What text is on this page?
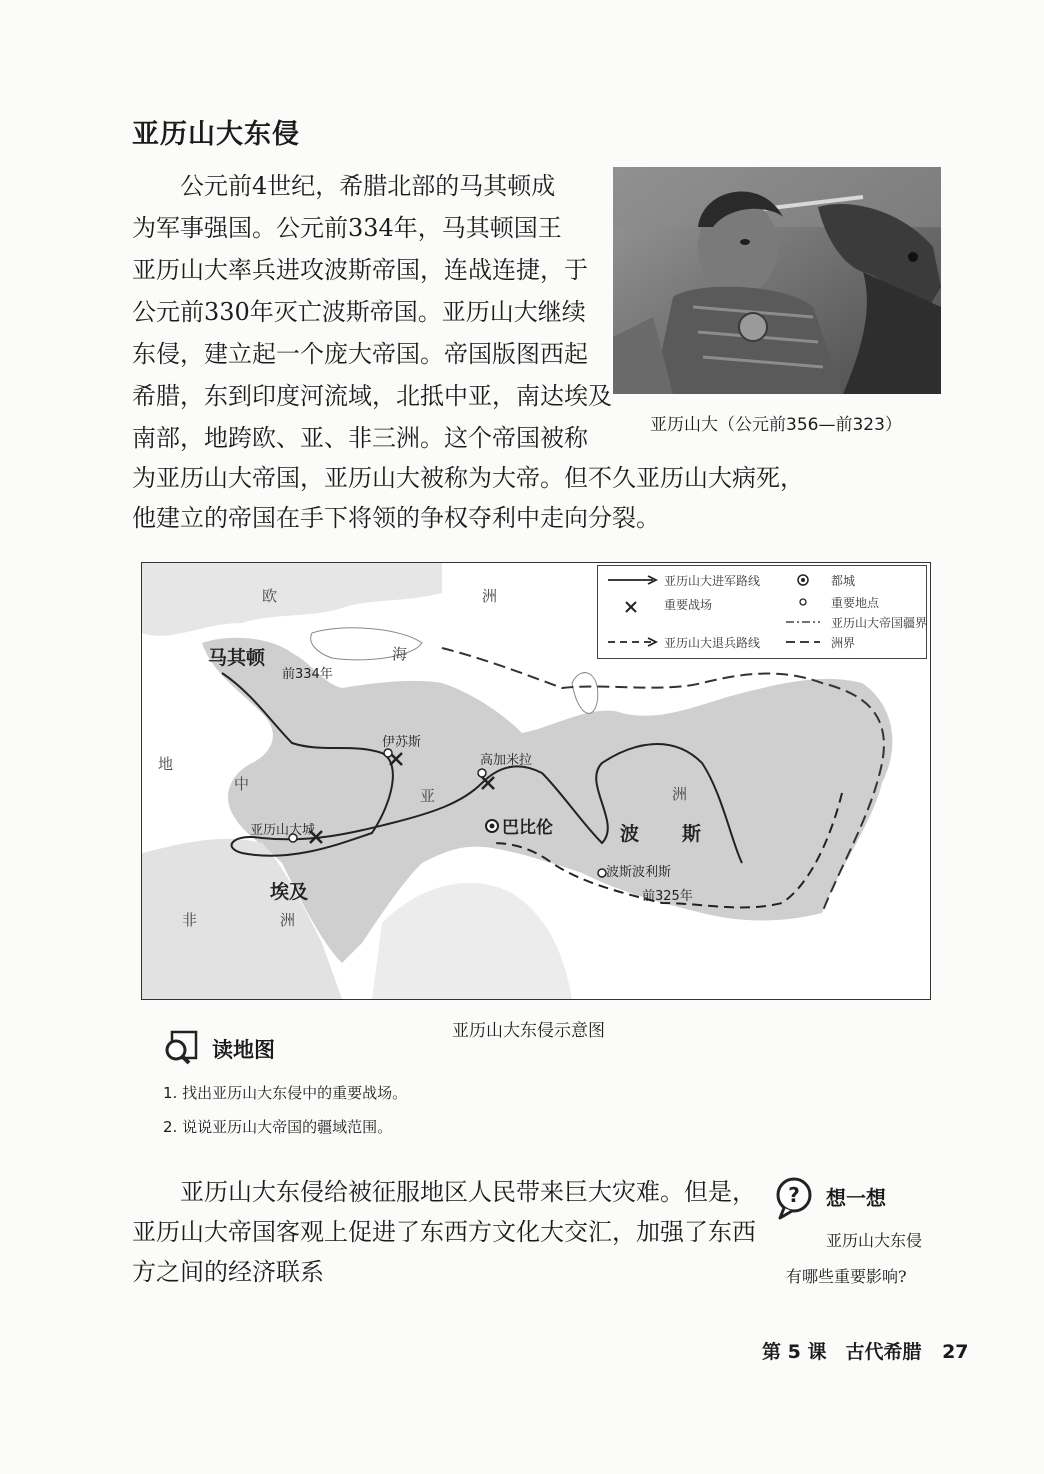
亚历山大东侵
公元前4世纪，希腊北部的马其顿成
为军事强国。公元前334年，马其顿国王
亚历山大率兵进攻波斯帝国，连战连捷，于
公元前330年灭亡波斯帝国。亚历山大继续
东侵，建立起一个庞大帝国。帝国版图西起
希腊，东到印度河流域，北抵中亚，南达埃及
南部，地跨欧、亚、非三洲。这个帝国被称
为亚历山大帝国，亚历山大被称为大帝。但不久亚历山大病死，
他建立的帝国在手下将领的争权夺利中走向分裂。
亚历山大（公元前356—前323）
亚历山大进军路线
重要战场
亚历山大退兵路线
都城
重要地点
亚历山大帝国疆界
洲界
欧	洲
马其顿	海
前334年
伊苏斯
高加米拉
亚	洲
巴比伦	波 斯
亚历山大城
波斯波利斯
前325年
埃及
非	洲
地
中
亚历山大东侵示意图
读地图
1. 找出亚历山大东侵中的重要战场。
2. 说说亚历山大帝国的疆域范围。
亚历山大东侵给被征服地区人民带来巨大灾难。但是，
亚历山大帝国客观上促进了东西方文化大交汇，加强了东西
方之间的经济联系
? 想一想
亚历山大东侵
有哪些重要影响?
第 5 课　古代希腊 27
